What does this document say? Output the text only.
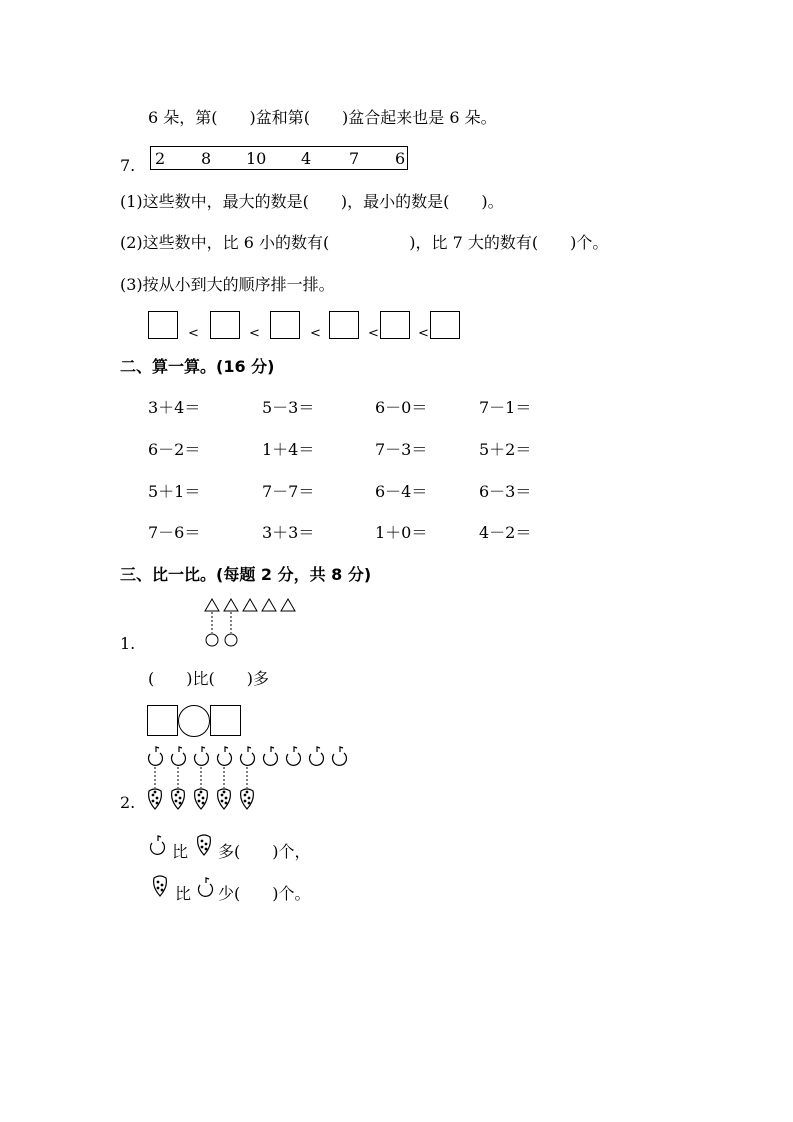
6 朵，第(　　)盆和第(　　)盆合起来也是 6 朵。
7. 2 8 10 4 7 6
(1)这些数中，最大的数是(　　)，最小的数是(　　)。
(2)这些数中，比 6 小的数有(　　　　　)，比 7 大的数有(　　)个。
(3)按从小到大的顺序排一排。
<	<	<	<	<
二、算一算。(16 分)
3＋4＝	5－3＝	6－0＝	7－1＝
6－2＝	1＋4＝	7－3＝	5＋2＝
5＋1＝	7－7＝	6－4＝	6－3＝
7－6＝	3＋3＝	1＋0＝	4－2＝
三、比一比。(每题 2 分，共 8 分)
1.
(　　)比(　　)多
2.
比 多(　　)个，
比 少(　　)个。
